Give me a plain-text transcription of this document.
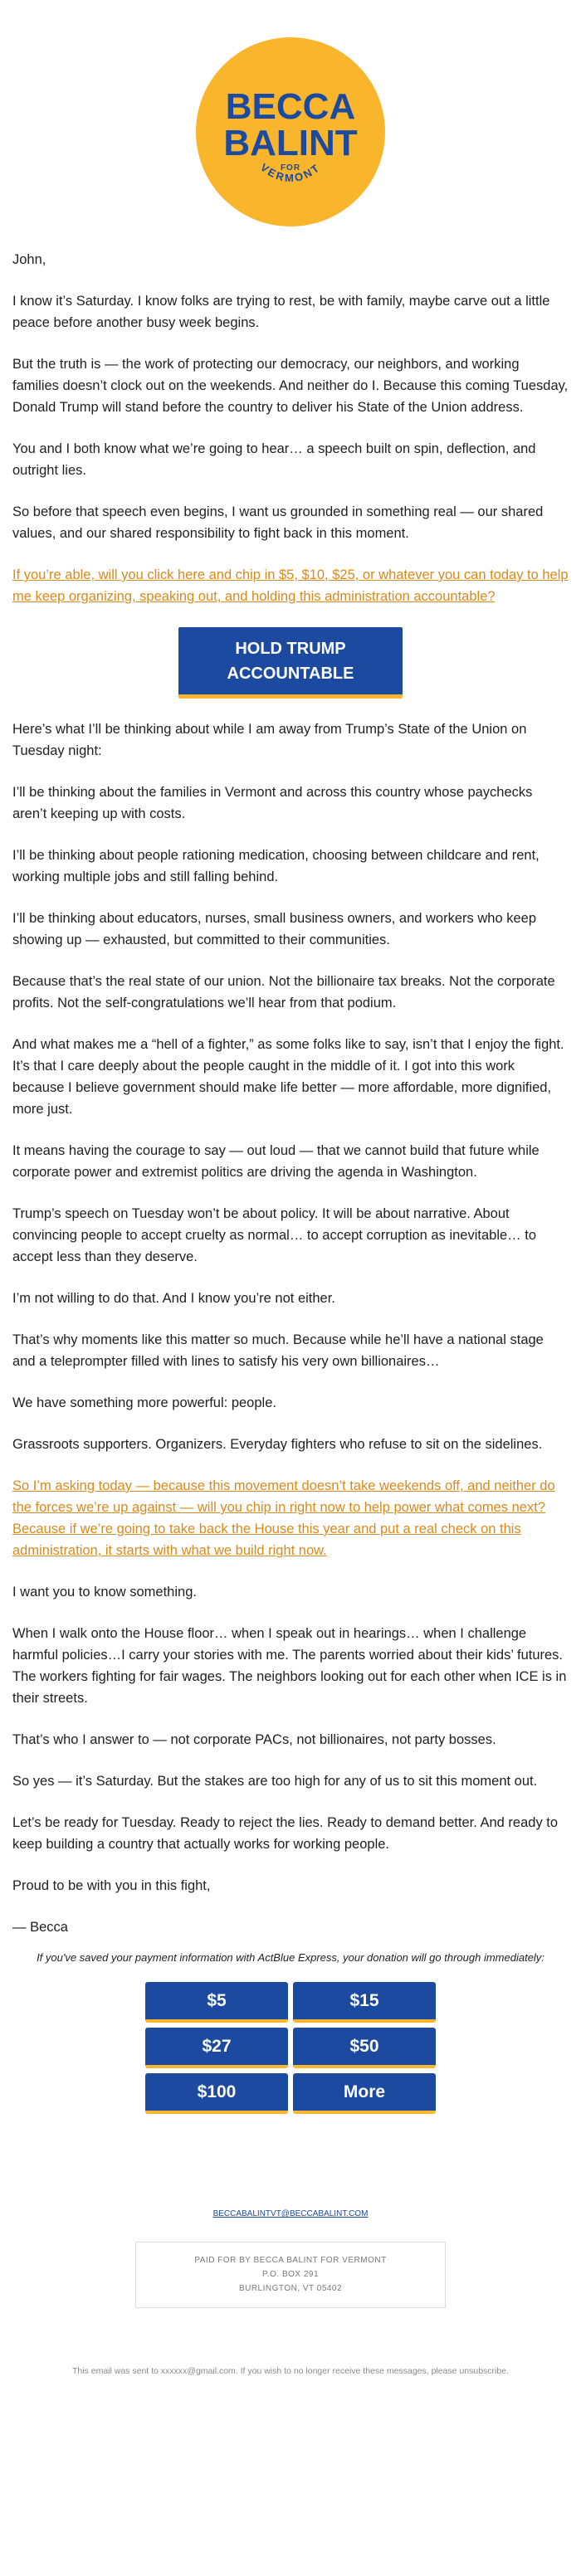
BECCA
BALINT
FOR
VERMONT

John,

I know it’s Saturday. I know folks are trying to rest, be with family, maybe carve out a little peace before another busy week begins.

But the truth is — the work of protecting our democracy, our neighbors, and working families doesn’t clock out on the weekends. And neither do I. Because this coming Tuesday, Donald Trump will stand before the country to deliver his State of the Union address.

You and I both know what we’re going to hear… a speech built on spin, deflection, and outright lies.

So before that speech even begins, I want us grounded in something real — our shared values, and our shared responsibility to fight back in this moment.

If you’re able, will you click here and chip in $5, $10, $25, or whatever you can today to help me keep organizing, speaking out, and holding this administration accountable?

HOLD TRUMP ACCOUNTABLE

Here’s what I’ll be thinking about while I am away from Trump’s State of the Union on Tuesday night:

I’ll be thinking about the families in Vermont and across this country whose paychecks aren’t keeping up with costs.

I’ll be thinking about people rationing medication, choosing between childcare and rent, working multiple jobs and still falling behind.

I’ll be thinking about educators, nurses, small business owners, and workers who keep showing up — exhausted, but committed to their communities.

Because that’s the real state of our union. Not the billionaire tax breaks. Not the corporate profits. Not the self-congratulations we’ll hear from that podium.

And what makes me a “hell of a fighter,” as some folks like to say, isn’t that I enjoy the fight. It’s that I care deeply about the people caught in the middle of it. I got into this work because I believe government should make life better — more affordable, more dignified, more just.

It means having the courage to say — out loud — that we cannot build that future while corporate power and extremist politics are driving the agenda in Washington.

Trump’s speech on Tuesday won’t be about policy. It will be about narrative. About convincing people to accept cruelty as normal… to accept corruption as inevitable… to accept less than they deserve.

I’m not willing to do that. And I know you’re not either.

That’s why moments like this matter so much. Because while he’ll have a national stage and a teleprompter filled with lines to satisfy his very own billionaires…

We have something more powerful: people.

Grassroots supporters. Organizers. Everyday fighters who refuse to sit on the sidelines.

So I’m asking today — because this movement doesn’t take weekends off, and neither do the forces we’re up against — will you chip in right now to help power what comes next? Because if we’re going to take back the House this year and put a real check on this administration, it starts with what we build right now.

I want you to know something.

When I walk onto the House floor… when I speak out in hearings… when I challenge harmful policies…I carry your stories with me. The parents worried about their kids’ futures. The workers fighting for fair wages. The neighbors looking out for each other when ICE is in their streets.

That’s who I answer to — not corporate PACs, not billionaires, not party bosses.

So yes — it’s Saturday. But the stakes are too high for any of us to sit this moment out.

Let’s be ready for Tuesday. Ready to reject the lies. Ready to demand better. And ready to keep building a country that actually works for working people.

Proud to be with you in this fight,

— Becca

If you've saved your payment information with ActBlue Express, your donation will go through immediately:

$5	$15
$27	$50
$100	More
BECCABALINTVT@BECCABALINT.COM
PAID FOR BY BECCA BALINT FOR VERMONT
P.O. BOX 291
BURLINGTON, VT 05402
This email was sent to xxxxxx@gmail.com. If you wish to no longer receive these messages, please unsubscribe.
